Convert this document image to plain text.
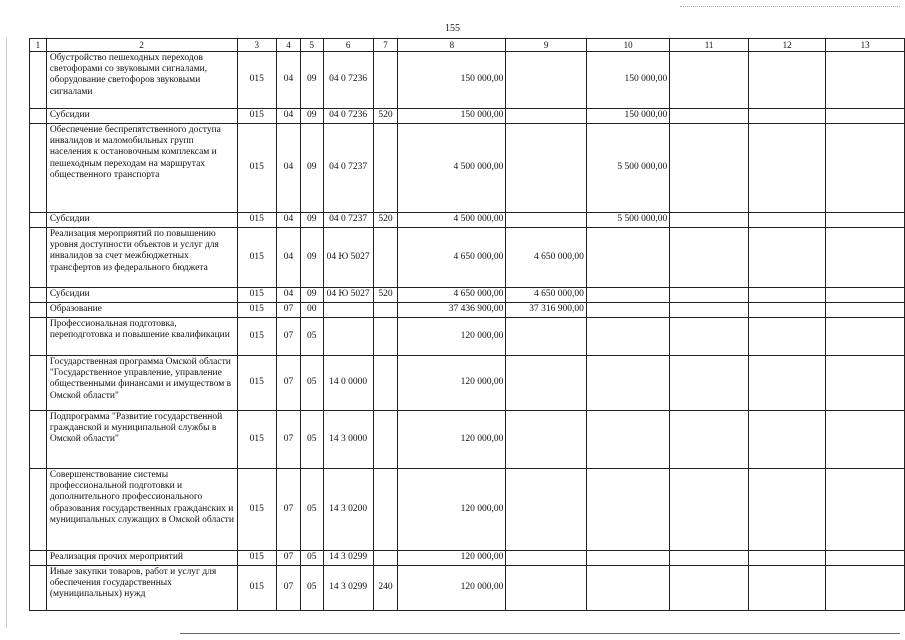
155
1	2	3	4	5	6	7	8	9	10	11	12	13
	Обустройство пешеходных переходов светофорами со звуковыми сигналами, оборудование светофоров звуковыми сигналами	015	04	09	04 0 7236		150 000,00		150 000,00			
	Субсидии	015	04	09	04 0 7236	520	150 000,00		150 000,00			
	Обеспечение беспрепятственного доступа инвалидов и маломобильных групп населения к остановочным комплексам и пешеходным переходам на маршрутах общественного транспорта	015	04	09	04 0 7237		4 500 000,00		5 500 000,00			
	Субсидии	015	04	09	04 0 7237	520	4 500 000,00		5 500 000,00			
	Реализация мероприятий по повышению уровня доступности объектов и услуг для инвалидов за счет межбюджетных трансфертов из федерального бюджета	015	04	09	04 Ю 5027		4 650 000,00	4 650 000,00				
	Субсидии	015	04	09	04 Ю 5027	520	4 650 000,00	4 650 000,00				
	Образование	015	07	00			37 436 900,00	37 316 900,00				
	Профессиональная подготовка, переподготовка и повышение квалификации	015	07	05			120 000,00					
	Государственная программа Омской области "Государственное управление, управление общественными финансами и имуществом в Омской области"	015	07	05	14 0 0000		120 000,00					
	Подпрограмма "Развитие государственной гражданской и муниципальной службы в Омской области"	015	07	05	14 3 0000		120 000,00					
	Совершенствование системы профессиональной подготовки и дополнительного профессионального образования государственных гражданских и муниципальных служащих в Омской области	015	07	05	14 3 0200		120 000,00					
	Реализация прочих мероприятий	015	07	05	14 3 0299		120 000,00					
	Иные закупки товаров, работ и услуг для обеспечения государственных (муниципальных) нужд	015	07	05	14 3 0299	240	120 000,00					
